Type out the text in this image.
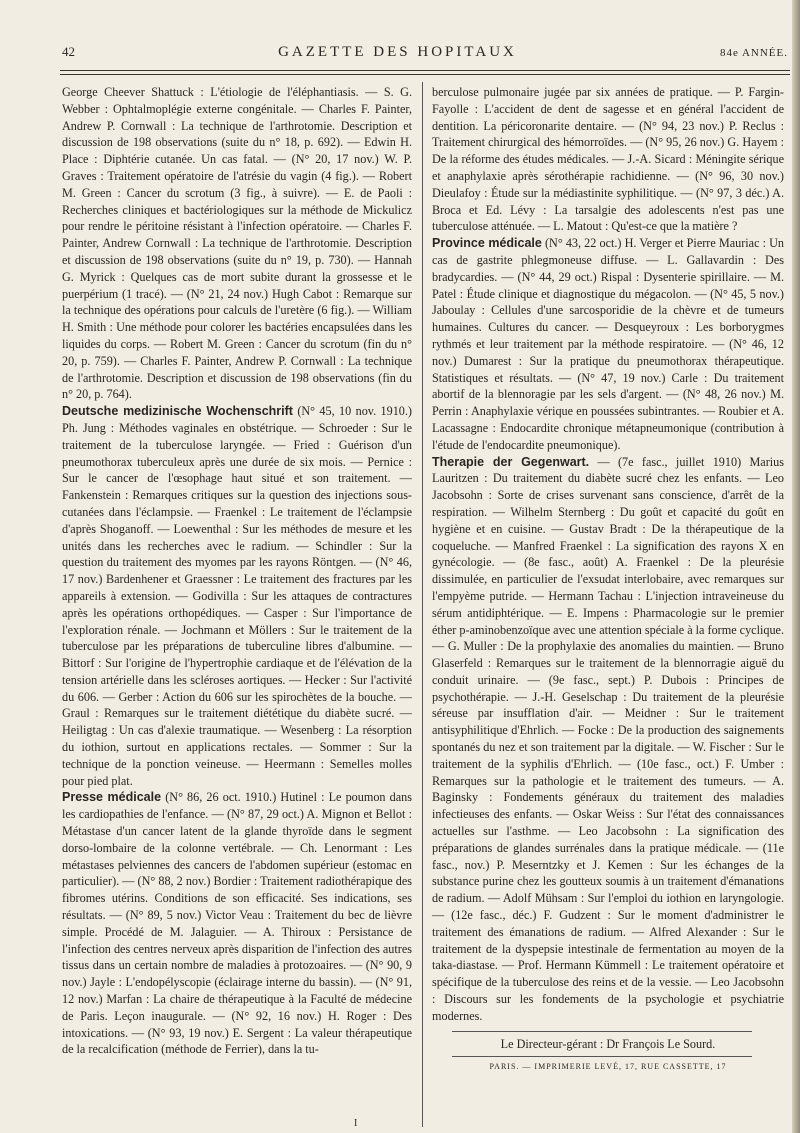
42	GAZETTE DES HOPITAUX	84e ANNÉE.

George Cheever Shattuck : L'étiologie de l'éléphantiasis. — S. G. Webber : Ophtalmoplégie externe congénitale. — Charles F. Painter, Andrew P. Cornwall : La technique de l'arthrotomie. Description et discussion de 198 observations (suite du n° 18, p. 692). — Edwin H. Place : Diphtérie cutanée. Un cas fatal. — (N° 20, 17 nov.) W. P. Graves : Traitement opératoire de l'atrésie du vagin (4 fig.). — Robert M. Green : Cancer du scrotum (3 fig., à suivre). — E. de Paoli : Recherches cliniques et bactériologiques sur la méthode de Mickulicz pour rendre le péritoine résistant à l'infection opératoire. — Charles F. Painter, Andrew Cornwall : La technique de l'arthrotomie. Description et discussion de 198 observations (suite du n° 19, p. 730). — Hannah G. Myrick : Quelques cas de mort subite durant la grossesse et le puerpérium (1 tracé). — (N° 21, 24 nov.) Hugh Cabot : Remarque sur la technique des opérations pour calculs de l'uretère (6 fig.). — William H. Smith : Une méthode pour colorer les bactéries encapsulées dans les liquides du corps. — Robert M. Green : Cancer du scrotum (fin du n° 20, p. 759). — Charles F. Painter, Andrew P. Cornwall : La technique de l'arthrotomie. Description et discussion de 198 observations (fin du n° 20, p. 764).

Deutsche medizinische Wochenschrift (N° 45, 10 nov. 1910.) Ph. Jung : Méthodes vaginales en obstétrique. — Schroeder : Sur le traitement de la tuberculose laryngée. — Fried : Guérison d'un pneumothorax tuberculeux après une durée de six mois. — Pernice : Sur le cancer de l'œsophage haut situé et son traitement. — Fankenstein : Remarques critiques sur la question des injections sous-cutanées dans l'éclampsie. — Fraenkel : Le traitement de l'éclampsie d'après Shoganoff. — Loewenthal : Sur les méthodes de mesure et les unités dans les recherches avec le radium. — Schindler : Sur la question du traitement des myomes par les rayons Röntgen. — (N° 46, 17 nov.) Bardenhener et Graessner : Le traitement des fractures par les appareils à extension. — Godivilla : Sur les attaques de contractures après les opérations orthopédiques. — Casper : Sur l'importance de l'exploration rénale. — Jochmann et Möllers : Sur le traitement de la tuberculose par les préparations de tuberculine libres d'albumine. — Bittorf : Sur l'origine de l'hypertrophie cardiaque et de l'élévation de la tension artérielle dans les scléroses aortiques. — Hecker : Sur l'activité du 606. — Gerber : Action du 606 sur les spirochètes de la bouche. — Graul : Remarques sur le traitement diététique du diabète sucré. — Heiligtag : Un cas d'alexie traumatique. — Wesenberg : La résorption du iothion, surtout en applications rectales. — Sommer : Sur la technique de la ponction veineuse. — Heermann : Semelles molles pour pied plat.

Presse médicale (N° 86, 26 oct. 1910.) Hutinel : Le poumon dans les cardiopathies de l'enfance. — (N° 87, 29 oct.) A. Mignon et Bellot : Métastase d'un cancer latent de la glande thyroïde dans le segment dorso-lombaire de la colonne vertébrale. — Ch. Lenormant : Les métastases pelviennes des cancers de l'abdomen supérieur (estomac en particulier). — (N° 88, 2 nov.) Bordier : Traitement radiothérapique des fibromes utérins. Conditions de son efficacité. Ses indications, ses résultats. — (N° 89, 5 nov.) Victor Veau : Traitement du bec de lièvre simple. Procédé de M. Jalaguier. — A. Thiroux : Persistance de l'infection des centres nerveux après disparition de l'infection des autres tissus dans un certain nombre de maladies à protozoaires. — (N° 90, 9 nov.) Jayle : L'endopélyscopie (éclairage interne du bassin). — (N° 91, 12 nov.) Marfan : La chaire de thérapeutique à la Faculté de médecine de Paris. Leçon inaugurale. — (N° 92, 16 nov.) H. Roger : Des intoxications. — (N° 93, 19 nov.) E. Sergent : La valeur thérapeutique de la recalcification (méthode de Ferrier), dans la tu-

berculose pulmonaire jugée par six années de pratique. — P. Fargin-Fayolle : L'accident de dent de sagesse et en général l'accident de dentition. La péricoronarite dentaire. — (N° 94, 23 nov.) P. Reclus : Traitement chirurgical des hémorroïdes. — (N° 95, 26 nov.) G. Hayem : De la réforme des études médicales. — J.-A. Sicard : Méningite sérique et anaphylaxie après sérothérapie rachidienne. — (N° 96, 30 nov.) Dieulafoy : Étude sur la médiastinite syphilitique. — (N° 97, 3 déc.) A. Broca et Ed. Lévy : La tarsalgie des adolescents n'est pas une tuberculose atténuée. — L. Matout : Qu'est-ce que la matière ?

Province médicale (N° 43, 22 oct.) H. Verger et Pierre Mauriac : Un cas de gastrite phlegmoneuse diffuse. — L. Gallavardin : Des bradycardies. — (N° 44, 29 oct.) Rispal : Dysenterie spirillaire. — M. Patel : Étude clinique et diagnostique du mégacolon. — (N° 45, 5 nov.) Jaboulay : Cellules d'une sarcosporidie de la chèvre et de tumeurs humaines. Cultures du cancer. — Desqueyroux : Les borborygmes rythmés et leur traitement par la méthode respiratoire. — (N° 46, 12 nov.) Dumarest : Sur la pratique du pneumothorax thérapeutique. Statistiques et résultats. — (N° 47, 19 nov.) Carle : Du traitement abortif de la blennoragie par les sels d'argent. — (N° 48, 26 nov.) M. Perrin : Anaphylaxie vérique en poussées subintrantes. — Roubier et A. Lacassagne : Endocardite chronique métapneumonique (contribution à l'étude de l'endocardite pneumonique).

Therapie der Gegenwart. — (7e fasc., juillet 1910) Marius Lauritzen : Du traitement du diabète sucré chez les enfants. — Leo Jacobsohn : Sorte de crises survenant sans conscience, d'arrêt de la respiration. — Wilhelm Sternberg : Du goût et capacité du goût en hygiène et en cuisine. — Gustav Bradt : De la thérapeutique de la coqueluche. — Manfred Fraenkel : La signification des rayons X en gynécologie. — (8e fasc., août) A. Fraenkel : De la pleurésie dissimulée, en particulier de l'exsudat interlobaire, avec remarques sur l'empyème putride. — Hermann Tachau : L'injection intraveineuse du sérum antidiphtérique. — E. Impens : Pharmacologie sur le premier éther p-aminobenzoïque avec une attention spéciale à la forme cyclique. — G. Muller : De la prophylaxie des anomalies du maintien. — Bruno Glaserfeld : Remarques sur le traitement de la blennorragie aiguë du conduit urinaire. — (9e fasc., sept.) P. Dubois : Principes de psychothérapie. — J.-H. Geselschap : Du traitement de la pleurésie séreuse par insufflation d'air. — Meidner : Sur le traitement antisyphilitique d'Ehrlich. — Focke : De la production des saignements spontanés du nez et son traitement par la digitale. — W. Fischer : Sur le traitement de la syphilis d'Ehrlich. — (10e fasc., oct.) F. Umber : Remarques sur la pathologie et le traitement des tumeurs. — A. Baginsky : Fondements généraux du traitement des maladies infectieuses des enfants. — Oskar Weiss : Sur l'état des connaissances actuelles sur l'asthme. — Leo Jacobsohn : La signification des préparations de glandes surrénales dans la pratique médicale. — (11e fasc., nov.) P. Meserntzky et J. Kemen : Sur les échanges de la substance purine chez les goutteux soumis à un traitement d'émanations de radium. — Adolf Mühsam : Sur l'emploi du iothion en laryngologie. — (12e fasc., déc.) F. Gudzent : Sur le moment d'administrer le traitement des émanations de radium. — Alfred Alexander : Sur le traitement de la dyspepsie intestinale de fermentation au moyen de la taka-diastase. — Prof. Hermann Kümmell : Le traitement opératoire et spécifique de la tuberculose des reins et de la vessie. — Leo Jacobsohn : Discours sur les fondements de la psychologie et psychiatrie modernes.

Le Directeur-gérant : Dr François Le Sourd.
PARIS. — IMPRIMERIE LEVÉ, 17, RUE CASSETTE, 17
I
